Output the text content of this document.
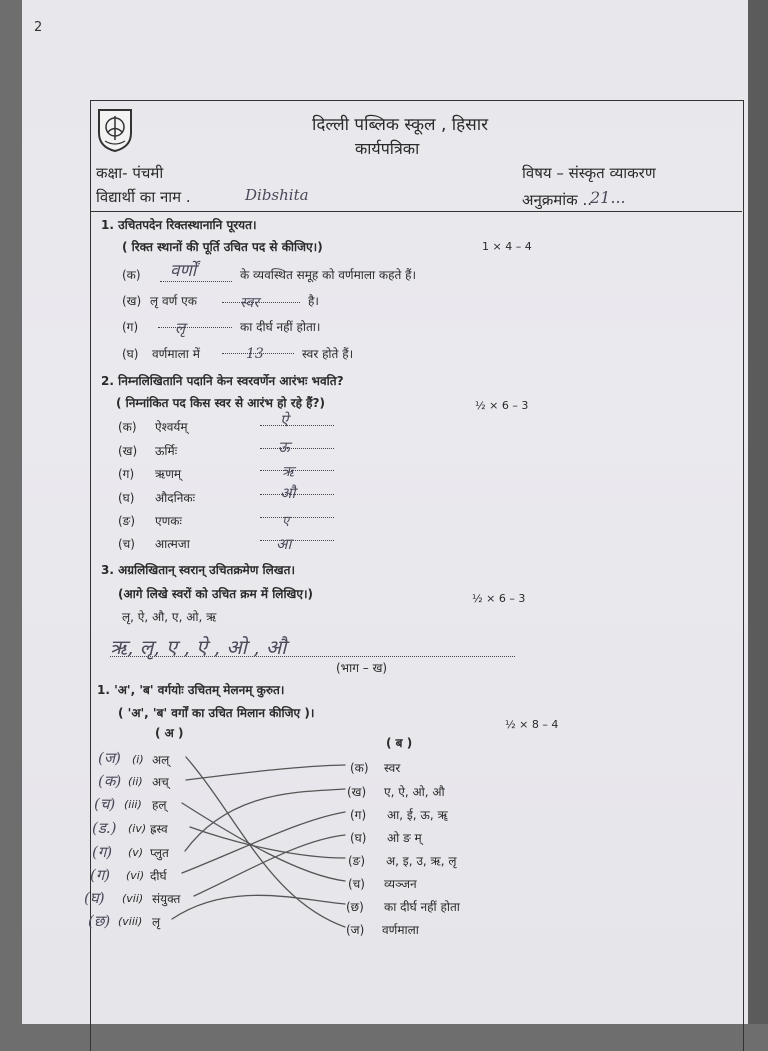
2
दिल्ली पब्लिक स्कूल , हिसार
कार्यपत्रिका
कक्षा- पंचमी	विषय – संस्कृत व्याकरण
विद्यार्थी का नाम .	Dibshita	अनुक्रमांक ..
21...
1. उचितपदेन रिक्तस्थानानि पूरयत।
( रिक्त स्थानों की पूर्ति उचित पद से कीजिए।)	1 × 4 – 4
(क) वर्णों	के व्यवस्थित समूह को वर्णमाला कहते हैं।
(ख) लृ वर्ण एक	स्वर	है।
(ग) लृ	का दीर्घ नहीं होता।
(घ) वर्णमाला में	13	स्वर होते हैं।
2. निम्नलिखितानि पदानि केन स्वरवर्णेन आरंभः भवति?
( निम्नांकित पद किस स्वर से आरंभ हो रहे हैं?)	½ × 6 – 3
(क) ऐश्वर्यम्	ऐ
(ख) ऊर्मिः	ऊ
(ग) ऋणम्	ऋ
(घ) औदनिकः	औ
(ङ) एणकः	ए
(च) आत्मजा	आ
3. अग्रलिखितान् स्वरान् उचितक्रमेण लिखत।
(आगे लिखे स्वरों को उचित क्रम में लिखिए।)	½ × 6 – 3
लृ, ऐ, औ, ए, ओ, ऋ
ऋ, लृ, ए , ऐ , ओ , औ
(भाग – ख)
1. 'अ', 'ब' वर्गयोः उचितम् मेलनम् कुरुत।
( 'अ', 'ब' वर्गों का उचित मिलान कीजिए )।
½ × 8 – 4
( अ )
( ब )
(ज) (i) अल्
(क) (ii) अच्
(च) (iii) हल्
(ड.) (iv) ह्रस्व
(ग) (v) प्लुत
(ग) (vi) दीर्घ
(घ) (vii) संयुक्त
(छ) (viii) लृ
(क) स्वर
(ख) ए, ऐ, ओ, औ
(ग) आ, ई, ऊ, ॠ
(घ) ओ ङ म्
(ङ) अ, इ, उ, ऋ, लृ
(च) व्यञ्जन
(छ) का दीर्घ नहीं होता
(ज) वर्णमाला
